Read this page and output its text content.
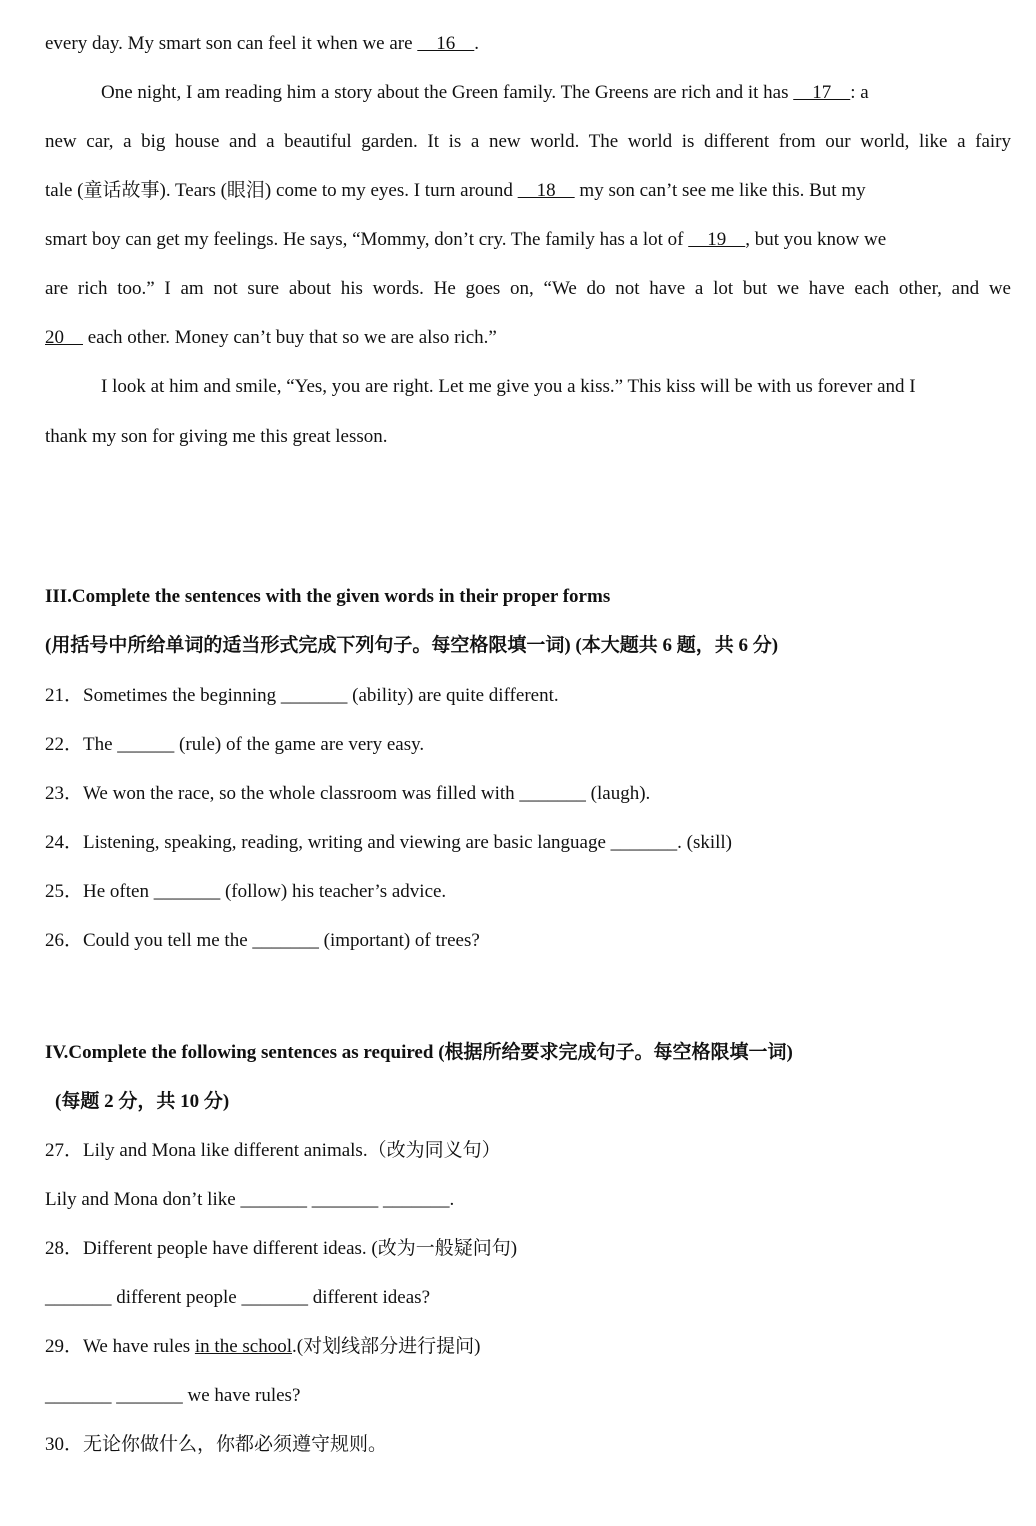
every day. My smart son can feel it when we are     16    .
One night, I am reading him a story about the Green family. The Greens are rich and it has     17    : a
new car, a big house and a beautiful garden. It is a new world. The world is different from our world, like a fairy
tale (童话故事). Tears (眼泪) come to my eyes. I turn around     18     my son can’t see me like this. But my
smart boy can get my feelings. He says, “Mommy, don’t cry. The family has a lot of     19    , but you know we
are rich too.” I am not sure about his words. He goes on, “We do not have a lot but we have each other, and we
20     each other. Money can’t buy that so we are also rich.”
I look at him and smile, “Yes, you are right. Let me give you a kiss.” This kiss will be with us forever and I
thank my son for giving me this great lesson.
III.Complete the sentences with the given words in their proper forms
(用括号中所给单词的适当形式完成下列句子。每空格限填一词) (本大题共 6 题，共 6 分)
21．Sometimes the beginning _______ (ability) are quite different.
22．The ______ (rule) of the game are very easy.
23．We won the race, so the whole classroom was filled with _______ (laugh).
24．Listening, speaking, reading, writing and viewing are basic language _______. (skill)
25．He often _______ (follow) his teacher’s advice.
26．Could you tell me the _______ (important) of trees?
IV.Complete the following sentences as required (根据所给要求完成句子。每空格限填一词)
(每题 2 分，共 10 分)
27．Lily and Mona like different animals.（改为同义句）
Lily and Mona don’t like _______ _______ _______.
28．Different people have different ideas. (改为一般疑问句)
_______ different people _______ different ideas?
29．We have rules in the school.(对划线部分进行提问)
_______ _______ we have rules?
30．无论你做什么，你都必须遵守规则。
